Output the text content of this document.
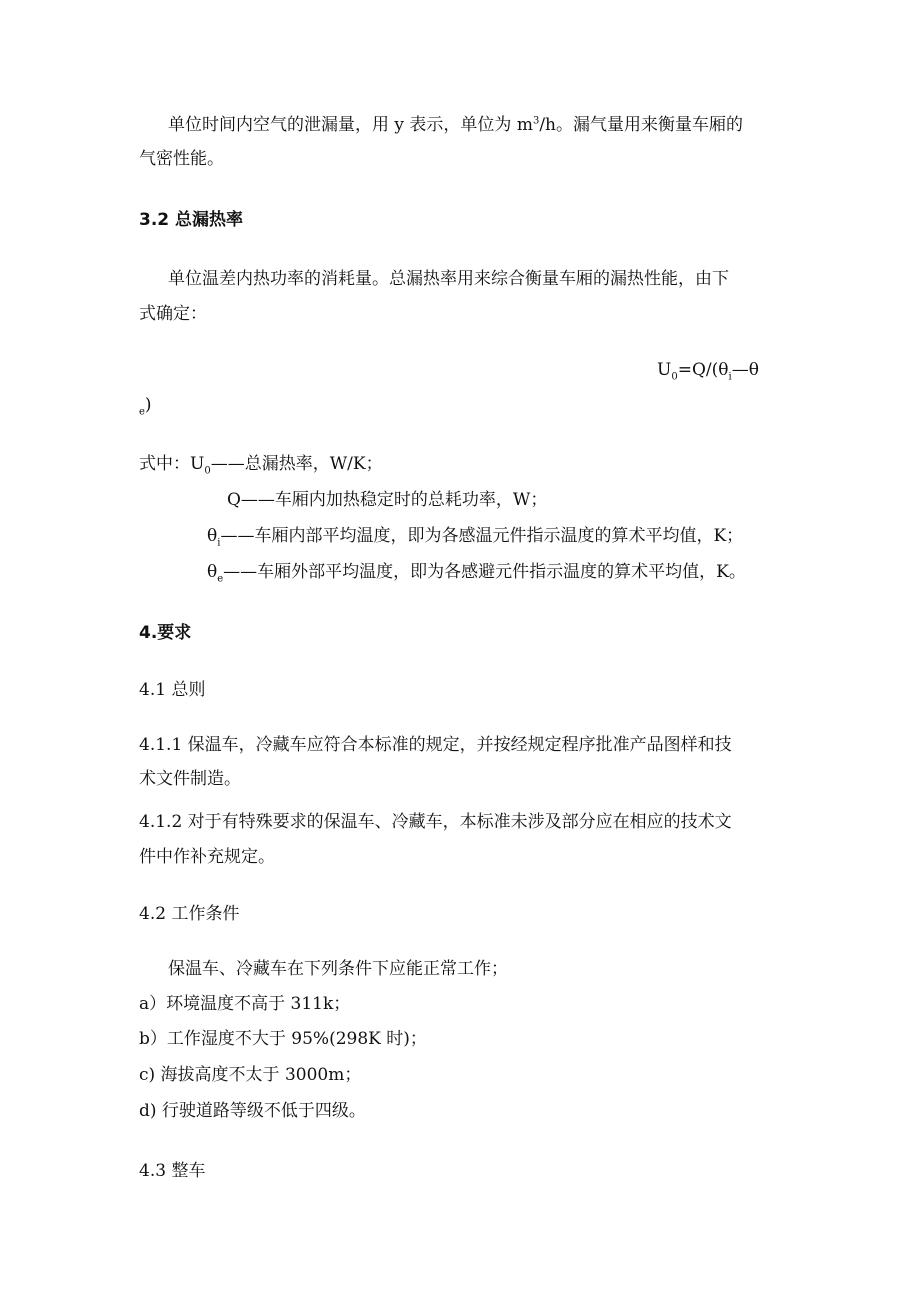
单位时间内空气的泄漏量，用 y 表示，单位为 $m^3/h$。漏气量用来衡量车厢的
气密性能。
3.2 总漏热率
单位温差内热功率的消耗量。总漏热率用来综合衡量车厢的漏热性能，由下
式确定：
$U_0=Q/(\theta_i—\theta$
$_e$)
式中：$U_0——$总漏热率，W/K；
Q——车厢内加热稳定时的总耗功率，W；
$\theta_i——$车厢内部平均温度，即为各感温元件指示温度的算术平均值，K；
$\theta_e——$车厢外部平均温度，即为各感避元件指示温度的算术平均值，K。
4.要求
4.1 总则
4.1.1 保温车，冷藏车应符合本标准的规定，并按经规定程序批准产品图样和技
术文件制造。
4.1.2 对于有特殊要求的保温车、冷藏车，本标准未涉及部分应在相应的技术文
件中作补充规定。
4.2 工作条件
保温车、冷藏车在下列条件下应能正常工作；
a）环境温度不高于 311k；
b）工作湿度不大于 95%(298K 时)；
c) 海拔高度不太于 3000m；
d) 行驶道路等级不低于四级。
4.3 整车
